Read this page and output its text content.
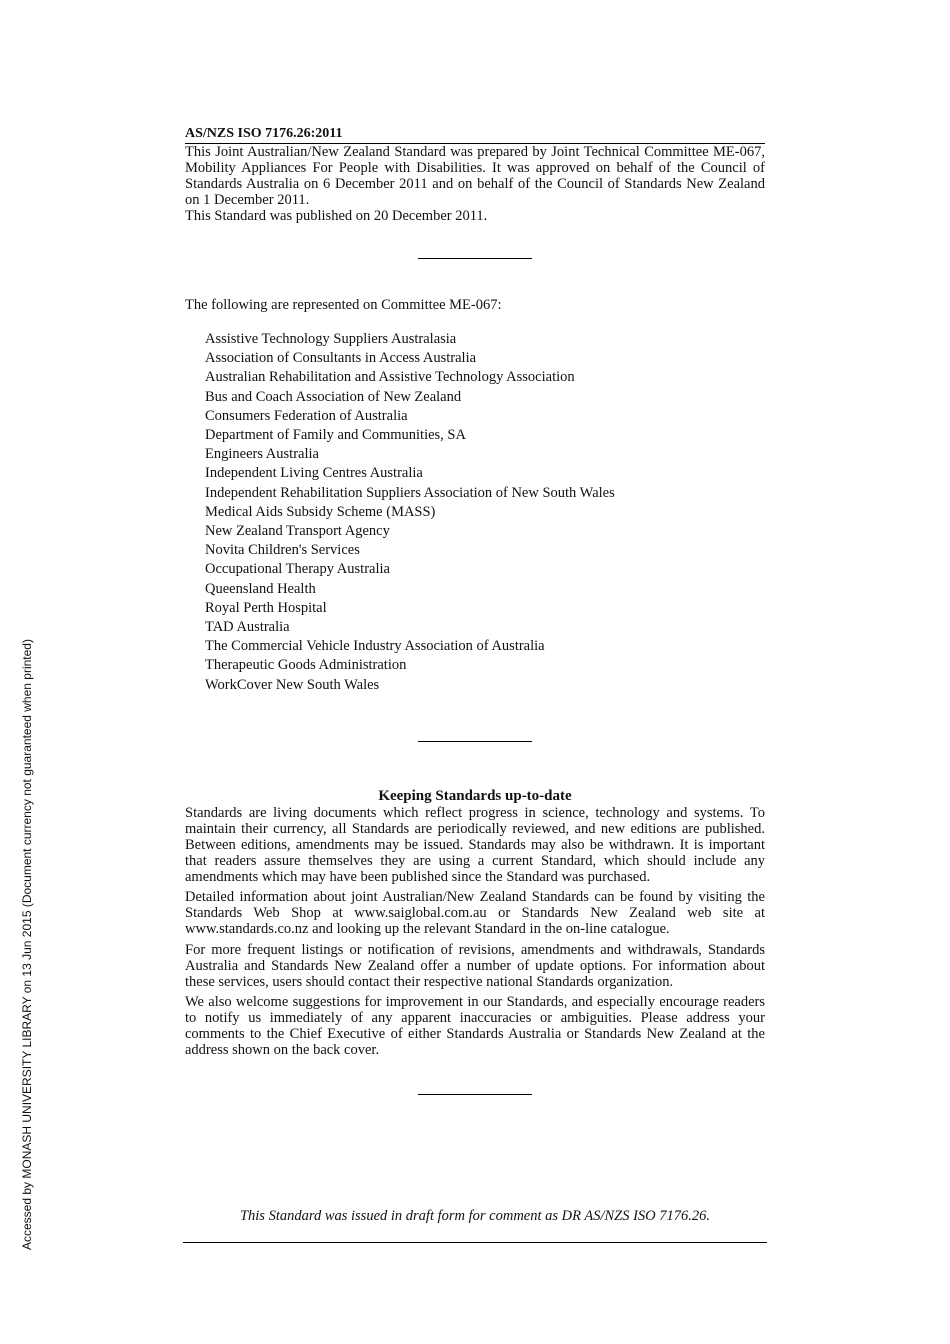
AS/NZS ISO 7176.26:2011

This Joint Australian/New Zealand Standard was prepared by Joint Technical Committee ME-067, Mobility Appliances For People with Disabilities. It was approved on behalf of the Council of Standards Australia on 6 December 2011 and on behalf of the Council of Standards New Zealand on 1 December 2011.

This Standard was published on 20 December 2011.

The following are represented on Committee ME-067:

Assistive Technology Suppliers Australasia
Association of Consultants in Access Australia
Australian Rehabilitation and Assistive Technology Association
Bus and Coach Association of New Zealand
Consumers Federation of Australia
Department of Family and Communities, SA
Engineers Australia
Independent Living Centres Australia
Independent Rehabilitation Suppliers Association of New South Wales
Medical Aids Subsidy Scheme (MASS)
New Zealand Transport Agency
Novita Children's Services
Occupational Therapy Australia
Queensland Health
Royal Perth Hospital
TAD Australia
The Commercial Vehicle Industry Association of Australia
Therapeutic Goods Administration
WorkCover New South Wales
Keeping Standards up-to-date

Standards are living documents which reflect progress in science, technology and systems. To maintain their currency, all Standards are periodically reviewed, and new editions are published. Between editions, amendments may be issued. Standards may also be withdrawn. It is important that readers assure themselves they are using a current Standard, which should include any amendments which may have been published since the Standard was purchased.

Detailed information about joint Australian/New Zealand Standards can be found by visiting the Standards Web Shop at www.saiglobal.com.au or Standards New Zealand web site at www.standards.co.nz and looking up the relevant Standard in the on-line catalogue.

For more frequent listings or notification of revisions, amendments and withdrawals, Standards Australia and Standards New Zealand offer a number of update options. For information about these services, users should contact their respective national Standards organization.

We also welcome suggestions for improvement in our Standards, and especially encourage readers to notify us immediately of any apparent inaccuracies or ambiguities. Please address your comments to the Chief Executive of either Standards Australia or Standards New Zealand at the address shown on the back cover.

This Standard was issued in draft form for comment as DR AS/NZS ISO 7176.26.
Accessed by MONASH UNIVERSITY LIBRARY on 13 Jun 2015 (Document currency not guaranteed when printed)
